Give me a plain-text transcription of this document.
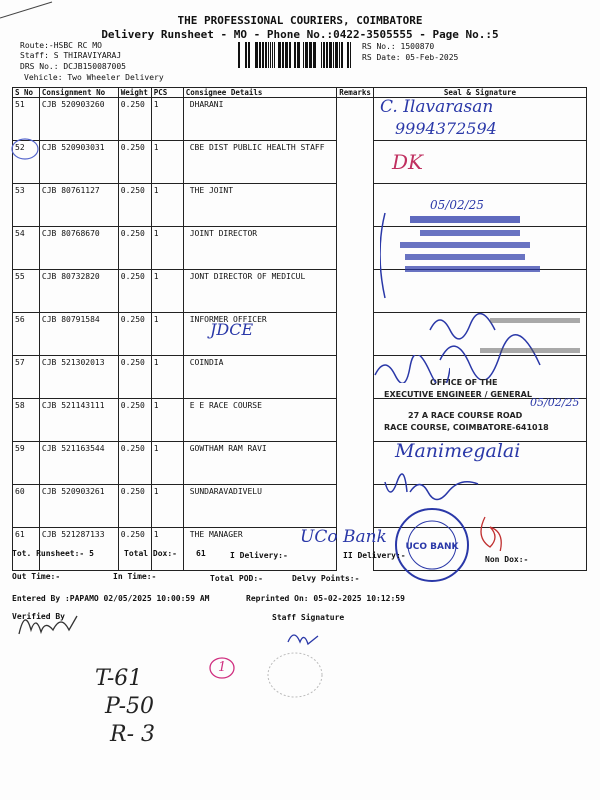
THE PROFESSIONAL COURIERS, COIMBATORE
Delivery Runsheet - MO - Phone No.:0422-3505555 - Page No.:5
Route:-HSBC RC MO
Staff: S THIRAVIYARAJ
DRS No.: DCJB150087005
Vehicle: Two Wheeler Delivery
RS No.: 1500870
RS Date: 05-Feb-2025
S No	Consignment No	Weight	PCS	Consignee Details	Remarks	Seal & Signature
51	CJB 520903260	0.250	1	DHARANI		
52	CJB 520903031	0.250	1	CBE DIST PUBLIC HEALTH STAFF		
53	CJB 80761127	0.250	1	THE JOINT		
54	CJB 80768670	0.250	1	JOINT DIRECTOR		
55	CJB 80732820	0.250	1	JONT DIRECTOR OF MEDICUL		
56	CJB 80791584	0.250	1	INFORMER OFFICER		
57	CJB 521302013	0.250	1	COINDIA		
58	CJB 521143111	0.250	1	E E RACE COURSE		
59	CJB 521163544	0.250	1	GOWTHAM RAM RAVI		
60	CJB 520903261	0.250	1	SUNDARAVADIVELU		
61	CJB 521287133	0.250	1	THE MANAGER		
C. Ilavarasan
9994372594
DK
05/02/25
JDCE
OFFICE OF THE
EXECUTIVE ENGINEER / GENERAL
27 A RACE COURSE ROAD
RACE COURSE, COIMBATORE-641018
05/02/25
Manimegalai
UCo Bank UCO BANK
Tot. Runsheet:- 5	Total Dox:- 61	I Delivery:-	II Delivery:-	Non Dox:-
Out Time:-	In Time:-	Total POD:-	Delvy Points:-
Entered By :PAPAMO 02/05/2025 10:00:59 AM	Reprinted On: 05-02-2025 10:12:59
Verified By	Staff Signature
T-61
P-50
R- 3
1
